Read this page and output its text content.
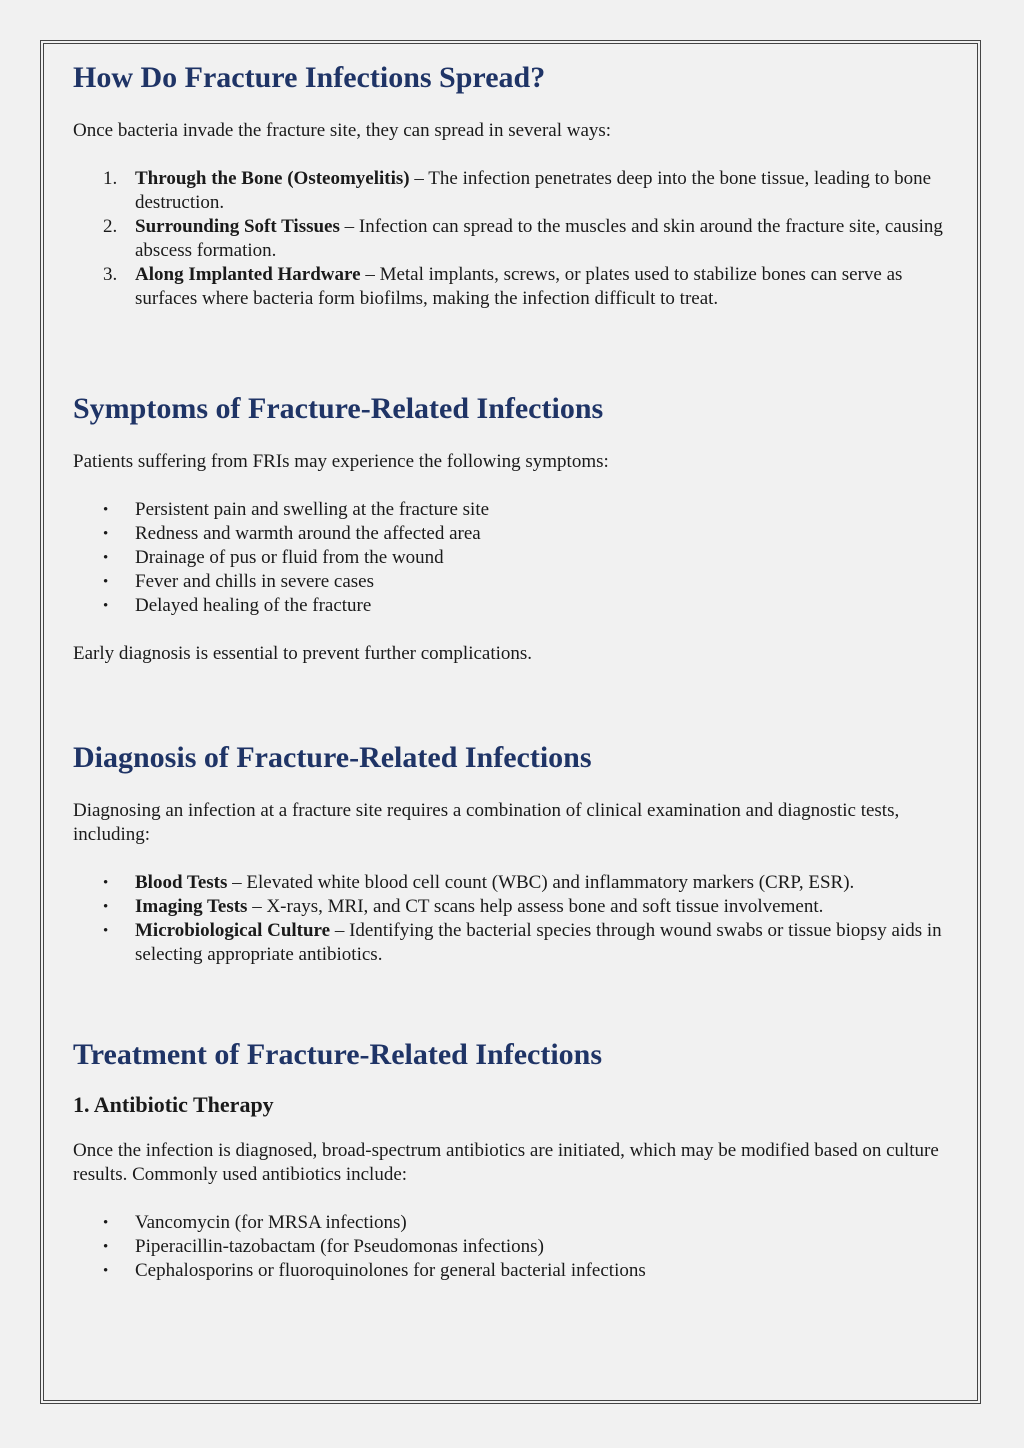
How Do Fracture Infections Spread?

Once bacteria invade the fracture site, they can spread in several ways:

1. Through the Bone (Osteomyelitis) – The infection penetrates deep into the bone tissue, leading to bone destruction.
2. Surrounding Soft Tissues – Infection can spread to the muscles and skin around the fracture site, causing abscess formation.
3. Along Implanted Hardware – Metal implants, screws, or plates used to stabilize bones can serve as surfaces where bacteria form biofilms, making the infection difficult to treat.
Symptoms of Fracture-Related Infections

Patients suffering from FRIs may experience the following symptoms:

• Persistent pain and swelling at the fracture site
• Redness and warmth around the affected area
• Drainage of pus or fluid from the wound
• Fever and chills in severe cases
• Delayed healing of the fracture

Early diagnosis is essential to prevent further complications.

Diagnosis of Fracture-Related Infections

Diagnosing an infection at a fracture site requires a combination of clinical examination and diagnostic tests, including:

• Blood Tests – Elevated white blood cell count (WBC) and inflammatory markers (CRP, ESR).
• Imaging Tests – X-rays, MRI, and CT scans help assess bone and soft tissue involvement.
• Microbiological Culture – Identifying the bacterial species through wound swabs or tissue biopsy aids in selecting appropriate antibiotics.
Treatment of Fracture-Related Infections
1. Antibiotic Therapy

Once the infection is diagnosed, broad-spectrum antibiotics are initiated, which may be modified based on culture results. Commonly used antibiotics include:

• Vancomycin (for MRSA infections)
• Piperacillin-tazobactam (for Pseudomonas infections)
• Cephalosporins or fluoroquinolones for general bacterial infections
